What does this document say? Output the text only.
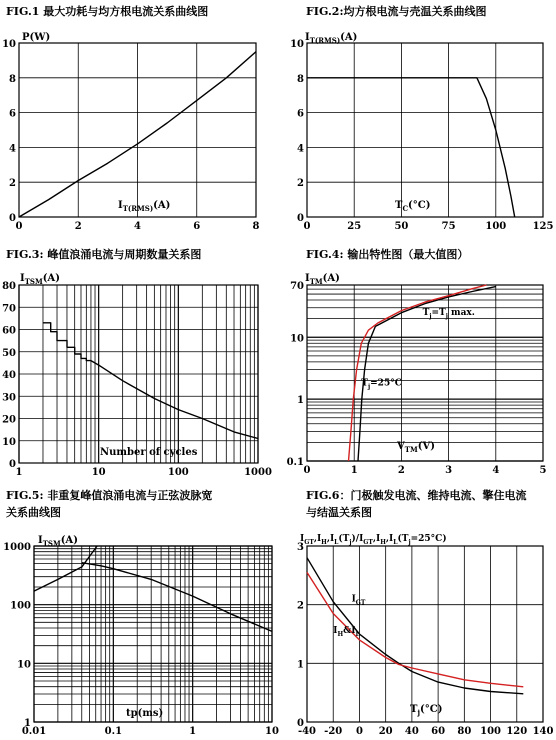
FIG.1 最大功耗与均方根电流关系曲线图	FIG.2:均方根电流与壳温关系曲线图
FIG.3: 峰值浪涌电流与周期数量关系图	FIG.4: 输出特性图（最大值图）
FIG.5: 非重复峰值浪涌电流与正弦波脉宽
关系曲线图
FIG.6：门极触发电流、维持电流、擎住电流
与结温关系图
0	2	4	6	8
0
2
4
6
8
10
0	25	50	75	100	125
0
2
4
6
8
10
1	10	100	1000
0
10
20
30
40
50
60
70
80
0	1	2	3	4	5
0.1
1
10
70
0.01	0.1	1	10
1
10
100
1000
-40 -20 0 20 40 60 80 100 120 140
0
1
2
3
P(W)
$I_{T(RMS)}(A)$
$I_{T(RMS)}(A)$
$T_C(^\circ C)$
$I_{TSM}(A)$
Number of cycles
$I_{TM}(A)$
$V_{TM}(V)$
$T_j=T_j$ max.
$T_j=25^\circ C$
$I_{TSM}(A)$
tp(ms)
$I_{GT},I_H,I_L(T_j)/I_{GT},I_H,I_L(T_j=25^\circ C)$
$T_j(^\circ C)$
$I_{GT}$
$I_H\&I_L$
